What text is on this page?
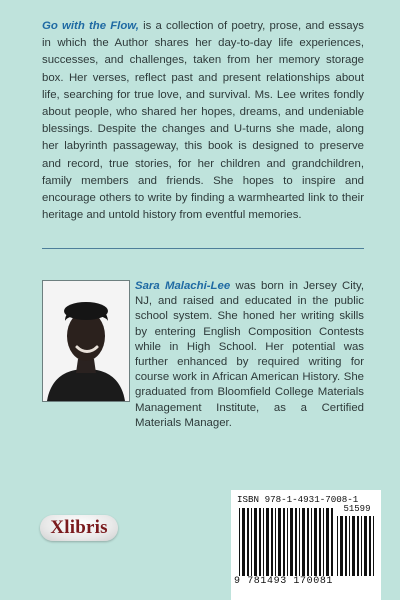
Go with the Flow, is a collection of poetry, prose, and essays in which the Author shares her day-to-day life experiences, successes, and challenges, taken from her memory storage box. Her verses, reflect past and present relationships about life, searching for true love, and survival. Ms. Lee writes fondly about people, who shared her hopes, dreams, and undeniable blessings. Despite the changes and U-turns she made, along her labyrinth passageway, this book is designed to preserve and record, true stories, for her children and grandchildren, family members and friends. She hopes to inspire and encourage others to write by finding a warmhearted link to their heritage and untold history from eventful memories.

Sara Malachi-Lee was born in Jersey City, NJ, and raised and educated in the public school system. She honed her writing skills by entering English Composition Contests while in High School. Her potential was further enhanced by required writing for course work in African American History. She graduated from Bloomfield College Materials Management Institute, as a Certified Materials Manager.

Xlibris
ISBN 978-1-4931-7008-1
51599
9 781493 170081
